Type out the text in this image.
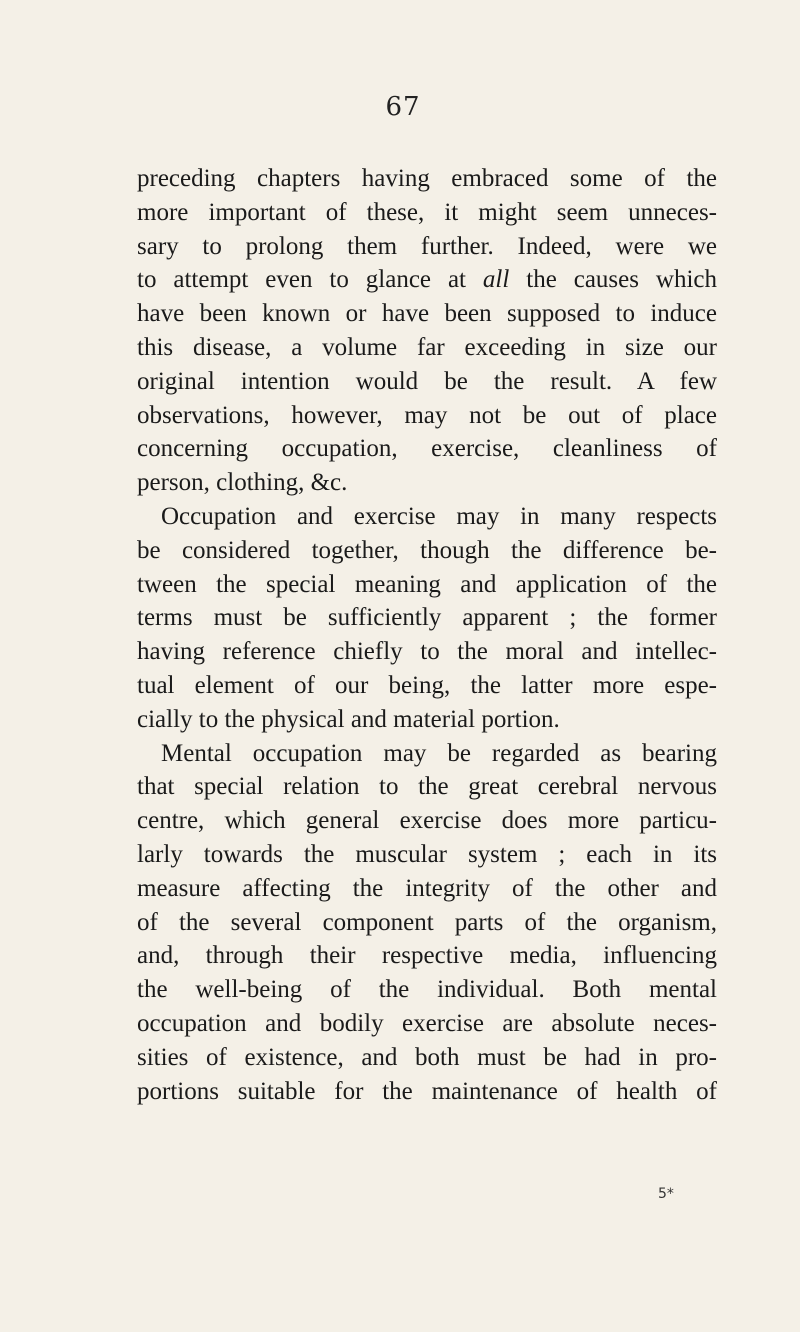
67
preceding chapters having embraced some of the
more important of these, it might seem unneces-
sary to prolong them further. Indeed, were we
to attempt even to glance at all the causes which
have been known or have been supposed to induce
this disease, a volume far exceeding in size our
original intention would be the result. A few
observations, however, may not be out of place
concerning occupation, exercise, cleanliness of
person, clothing, &c.
Occupation and exercise may in many respects
be considered together, though the difference be-
tween the special meaning and application of the
terms must be sufficiently apparent ; the former
having reference chiefly to the moral and intellec-
tual element of our being, the latter more espe-
cially to the physical and material portion.
Mental occupation may be regarded as bearing
that special relation to the great cerebral nervous
centre, which general exercise does more particu-
larly towards the muscular system ; each in its
measure affecting the integrity of the other and
of the several component parts of the organism,
and, through their respective media, influencing
the well-being of the individual. Both mental
occupation and bodily exercise are absolute neces-
sities of existence, and both must be had in pro-
portions suitable for the maintenance of health of
5*
